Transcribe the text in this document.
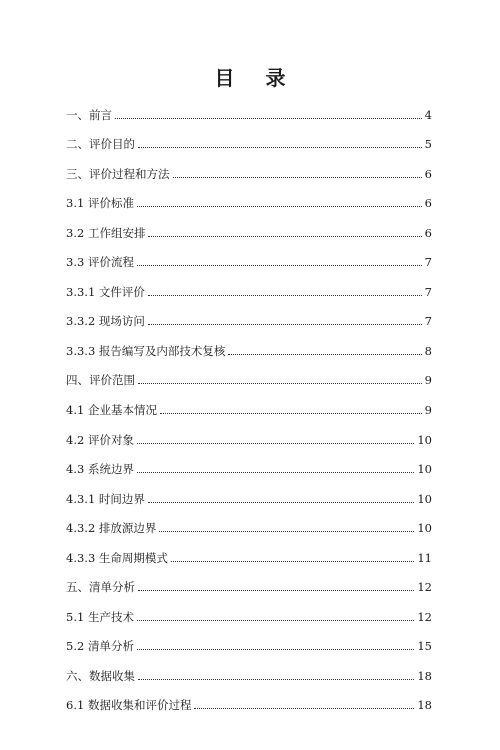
目 录
一、前言	4
二、评价目的	5
三、评价过程和方法	6
3.1 评价标准	6
3.2 工作组安排	6
3.3 评价流程	7
3.3.1 文件评价	7
3.3.2 现场访问	7
3.3.3 报告编写及内部技术复核	8
四、评价范围	9
4.1 企业基本情况	9
4.2 评价对象	10
4.3 系统边界	10
4.3.1 时间边界	10
4.3.2 排放源边界	10
4.3.3 生命周期模式	11
五、清单分析	12
5.1 生产技术	12
5.2 清单分析	15
六、数据收集	18
6.1 数据收集和评价过程	18
